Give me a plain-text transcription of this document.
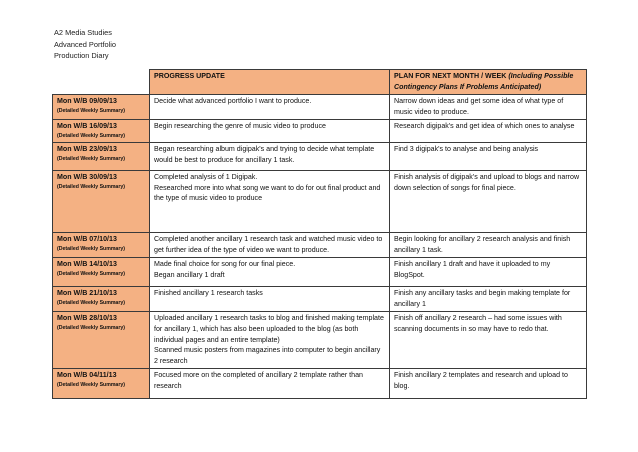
A2 Media Studies
Advanced Portfolio
Production Diary
	PROGRESS UPDATE	PLAN FOR NEXT MONTH / WEEK (Including Possible Contingency Plans If Problems Anticipated)

Mon W/B 09/09/13
(Detailed Weekly Summary)	Decide what advanced portfolio I want to produce.	Narrow down ideas and get some idea of what type of music video to produce.

Mon W/B 16/09/13
(Detailed Weekly Summary)	Begin researching the genre of music video to produce	Research digipak's and get idea of which ones to analyse

Mon W/B 23/09/13
(Detailed Weekly Summary)	Began researching album digipak's and trying to decide what template would be best to produce for ancillary 1 task.	Find 3 digipak's to analyse and being analysis

Mon W/B 30/09/13
(Detailed Weekly Summary)	Completed analysis of 1 Digipak.
Researched more into what song we want to do for out final product and the type of music video to produce	Finish analysis of digipak's and upload to blogs and narrow down selection of songs for final piece.

Mon W/B 07/10/13
(Detailed Weekly Summary)	Completed another ancillary 1 research task and watched music video to get further idea of the type of video we want to produce.	Begin looking for ancillary 2 research analysis and finish ancillary 1 task.

Mon W/B 14/10/13
(Detailed Weekly Summary)	Made final choice for song for our final piece.
Began ancillary 1 draft	Finish ancillary 1 draft and have it uploaded to my BlogSpot.

Mon W/B 21/10/13
(Detailed Weekly Summary)	Finished ancillary 1 research tasks	Finish any ancillary tasks and begin making template for ancillary 1

Mon W/B 28/10/13
(Detailed Weekly Summary)	Uploaded ancillary 1 research tasks to blog and finished making template for ancillary 1, which has also been uploaded to the blog (as both individual pages and an entire template)
Scanned music posters from magazines into computer to begin ancillary 2 research	Finish off ancillary 2 research – had some issues with scanning documents in so may have to redo that.

Mon W/B 04/11/13
(Detailed Weekly Summary)	Focused more on the completed of ancillary 2 template rather than research	Finish ancillary 2 templates and research and upload to blog.
